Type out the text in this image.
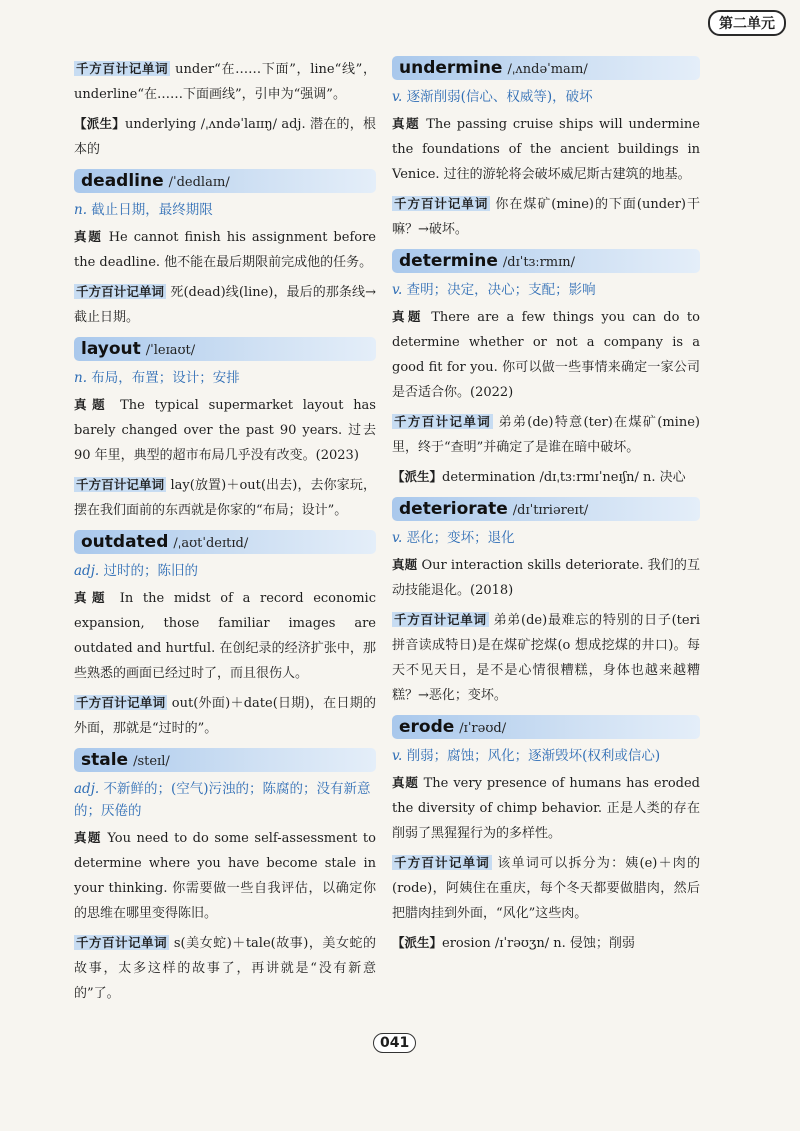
第二单元

千方百计记单词 under“在……下面”，line“线”，underline“在……下面画线”，引申为“强调”。

【派生】underlying /ˌʌndəˈlaɪɪŋ/ adj. 潜在的，根本的

deadline /ˈdedlaɪn/
n. 截止日期，最终期限

真题 He cannot finish his assignment before the deadline. 他不能在最后期限前完成他的任务。

千方百计记单词 死(dead)线(line)，最后的那条线→截止日期。

layout /ˈleɪaʊt/
n. 布局，布置；设计；安排

真题 The typical supermarket layout has barely changed over the past 90 years. 过去 90 年里，典型的超市布局几乎没有改变。(2023)

千方百计记单词 lay(放置)＋out(出去)，去你家玩，摆在我们面前的东西就是你家的“布局；设计”。

outdated /ˌaʊtˈdeɪtɪd/
adj. 过时的；陈旧的

真题 In the midst of a record economic expansion, those familiar images are outdated and hurtful. 在创纪录的经济扩张中，那些熟悉的画面已经过时了，而且很伤人。

千方百计记单词 out(外面)＋date(日期)，在日期的外面，那就是“过时的”。

stale /steɪl/
adj. 不新鲜的；(空气)污浊的；陈腐的；没有新意的；厌倦的

真题 You need to do some self-assessment to determine where you have become stale in your thinking. 你需要做一些自我评估，以确定你的思维在哪里变得陈旧。

千方百计记单词 s(美女蛇)＋tale(故事)，美女蛇的故事，太多这样的故事了，再讲就是“没有新意的”了。

undermine /ˌʌndəˈmaɪn/
v. 逐渐削弱(信心、权威等)，破坏

真题 The passing cruise ships will undermine the foundations of the ancient buildings in Venice. 过往的游轮将会破坏威尼斯古建筑的地基。

千方百计记单词 你在煤矿(mine)的下面(under)干嘛？→破坏。

determine /dɪˈtɜːrmɪn/
v. 查明；决定，决心；支配；影响

真题 There are a few things you can do to determine whether or not a company is a good fit for you. 你可以做一些事情来确定一家公司是否适合你。(2022)

千方百计记单词 弟弟(de)特意(ter)在煤矿(mine)里，终于“查明”并确定了是谁在暗中破坏。

【派生】determination /dɪˌtɜːrmɪˈneɪʃn/ n. 决心

deteriorate /dɪˈtɪriəreɪt/
v. 恶化；变坏；退化

真题 Our interaction skills deteriorate. 我们的互动技能退化。(2018)

千方百计记单词 弟弟(de)最难忘的特别的日子(teri 拼音读成特日)是在煤矿挖煤(o 想成挖煤的井口)。每天不见天日，是不是心情很糟糕，身体也越来越糟糕？→恶化；变坏。

erode /ɪˈrəʊd/
v. 削弱；腐蚀；风化；逐渐毁坏(权利或信心)

真题 The very presence of humans has eroded the diversity of chimp behavior. 正是人类的存在削弱了黑猩猩行为的多样性。

千方百计记单词 该单词可以拆分为：姨(e)＋肉的(rode)，阿姨住在重庆，每个冬天都要做腊肉，然后把腊肉挂到外面，“风化”这些肉。

【派生】erosion /ɪˈrəʊʒn/ n. 侵蚀；削弱

041
